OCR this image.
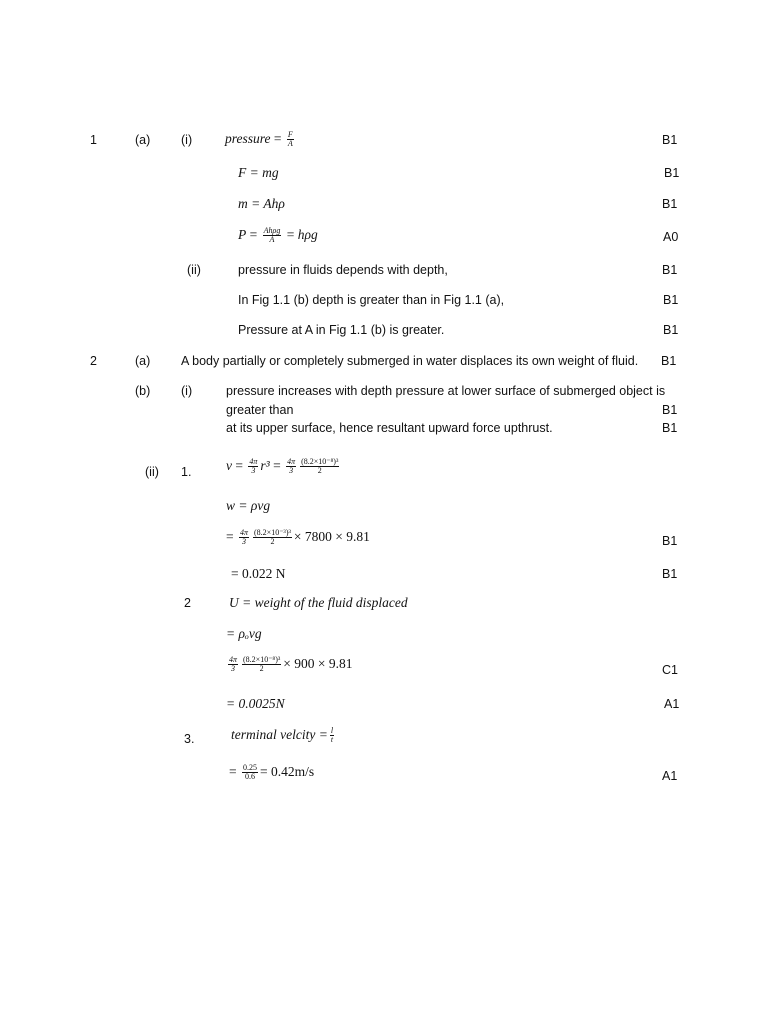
1	(a) (i) pressure = $\frac{F}{A}$	B1
F = mg	B1
m = Ahρ	B1
$P = \frac{\text{Ahρg}}{A} = h\rho g$	A0
(ii)	pressure in fluids depends with depth,	B1
In Fig 1.1 (b) depth is greater than in Fig 1.1 (a),	B1
Pressure at A in Fig 1.1 (b) is greater.	B1
2	(a) A body partially or completely submerged in water displaces its own weight of fluid. B1
(b) (i)	pressure increases with depth pressure at lower surface of submerged object is
greater than	B1
at its upper surface, hence resultant upward force upthrust.	B1
(ii) 1.	$v = \frac{4\pi}{3} r^3 = \frac{4\pi}{3} \frac{\text{(8.2×10⁻⁸)³}}{2}$
w = ρvg
= $\frac{4\pi}{3} \frac{\text{(8.2×10⁻³)³}}{2} \times 7800 \times 9.81$	B1
= 0.022 N	B1
2	U = weight of the fluid displaced
= ρₒvg
$\frac{4\pi}{3} \frac{\text{(8.2×10⁻⁸)³}}{2} \times 900 \times 9.81$	C1
= 0.0025N	A1
3.	terminal velcity = $\frac{l}{t}$
= $\frac{0.25}{0.6} = 0.42m/s$	A1
